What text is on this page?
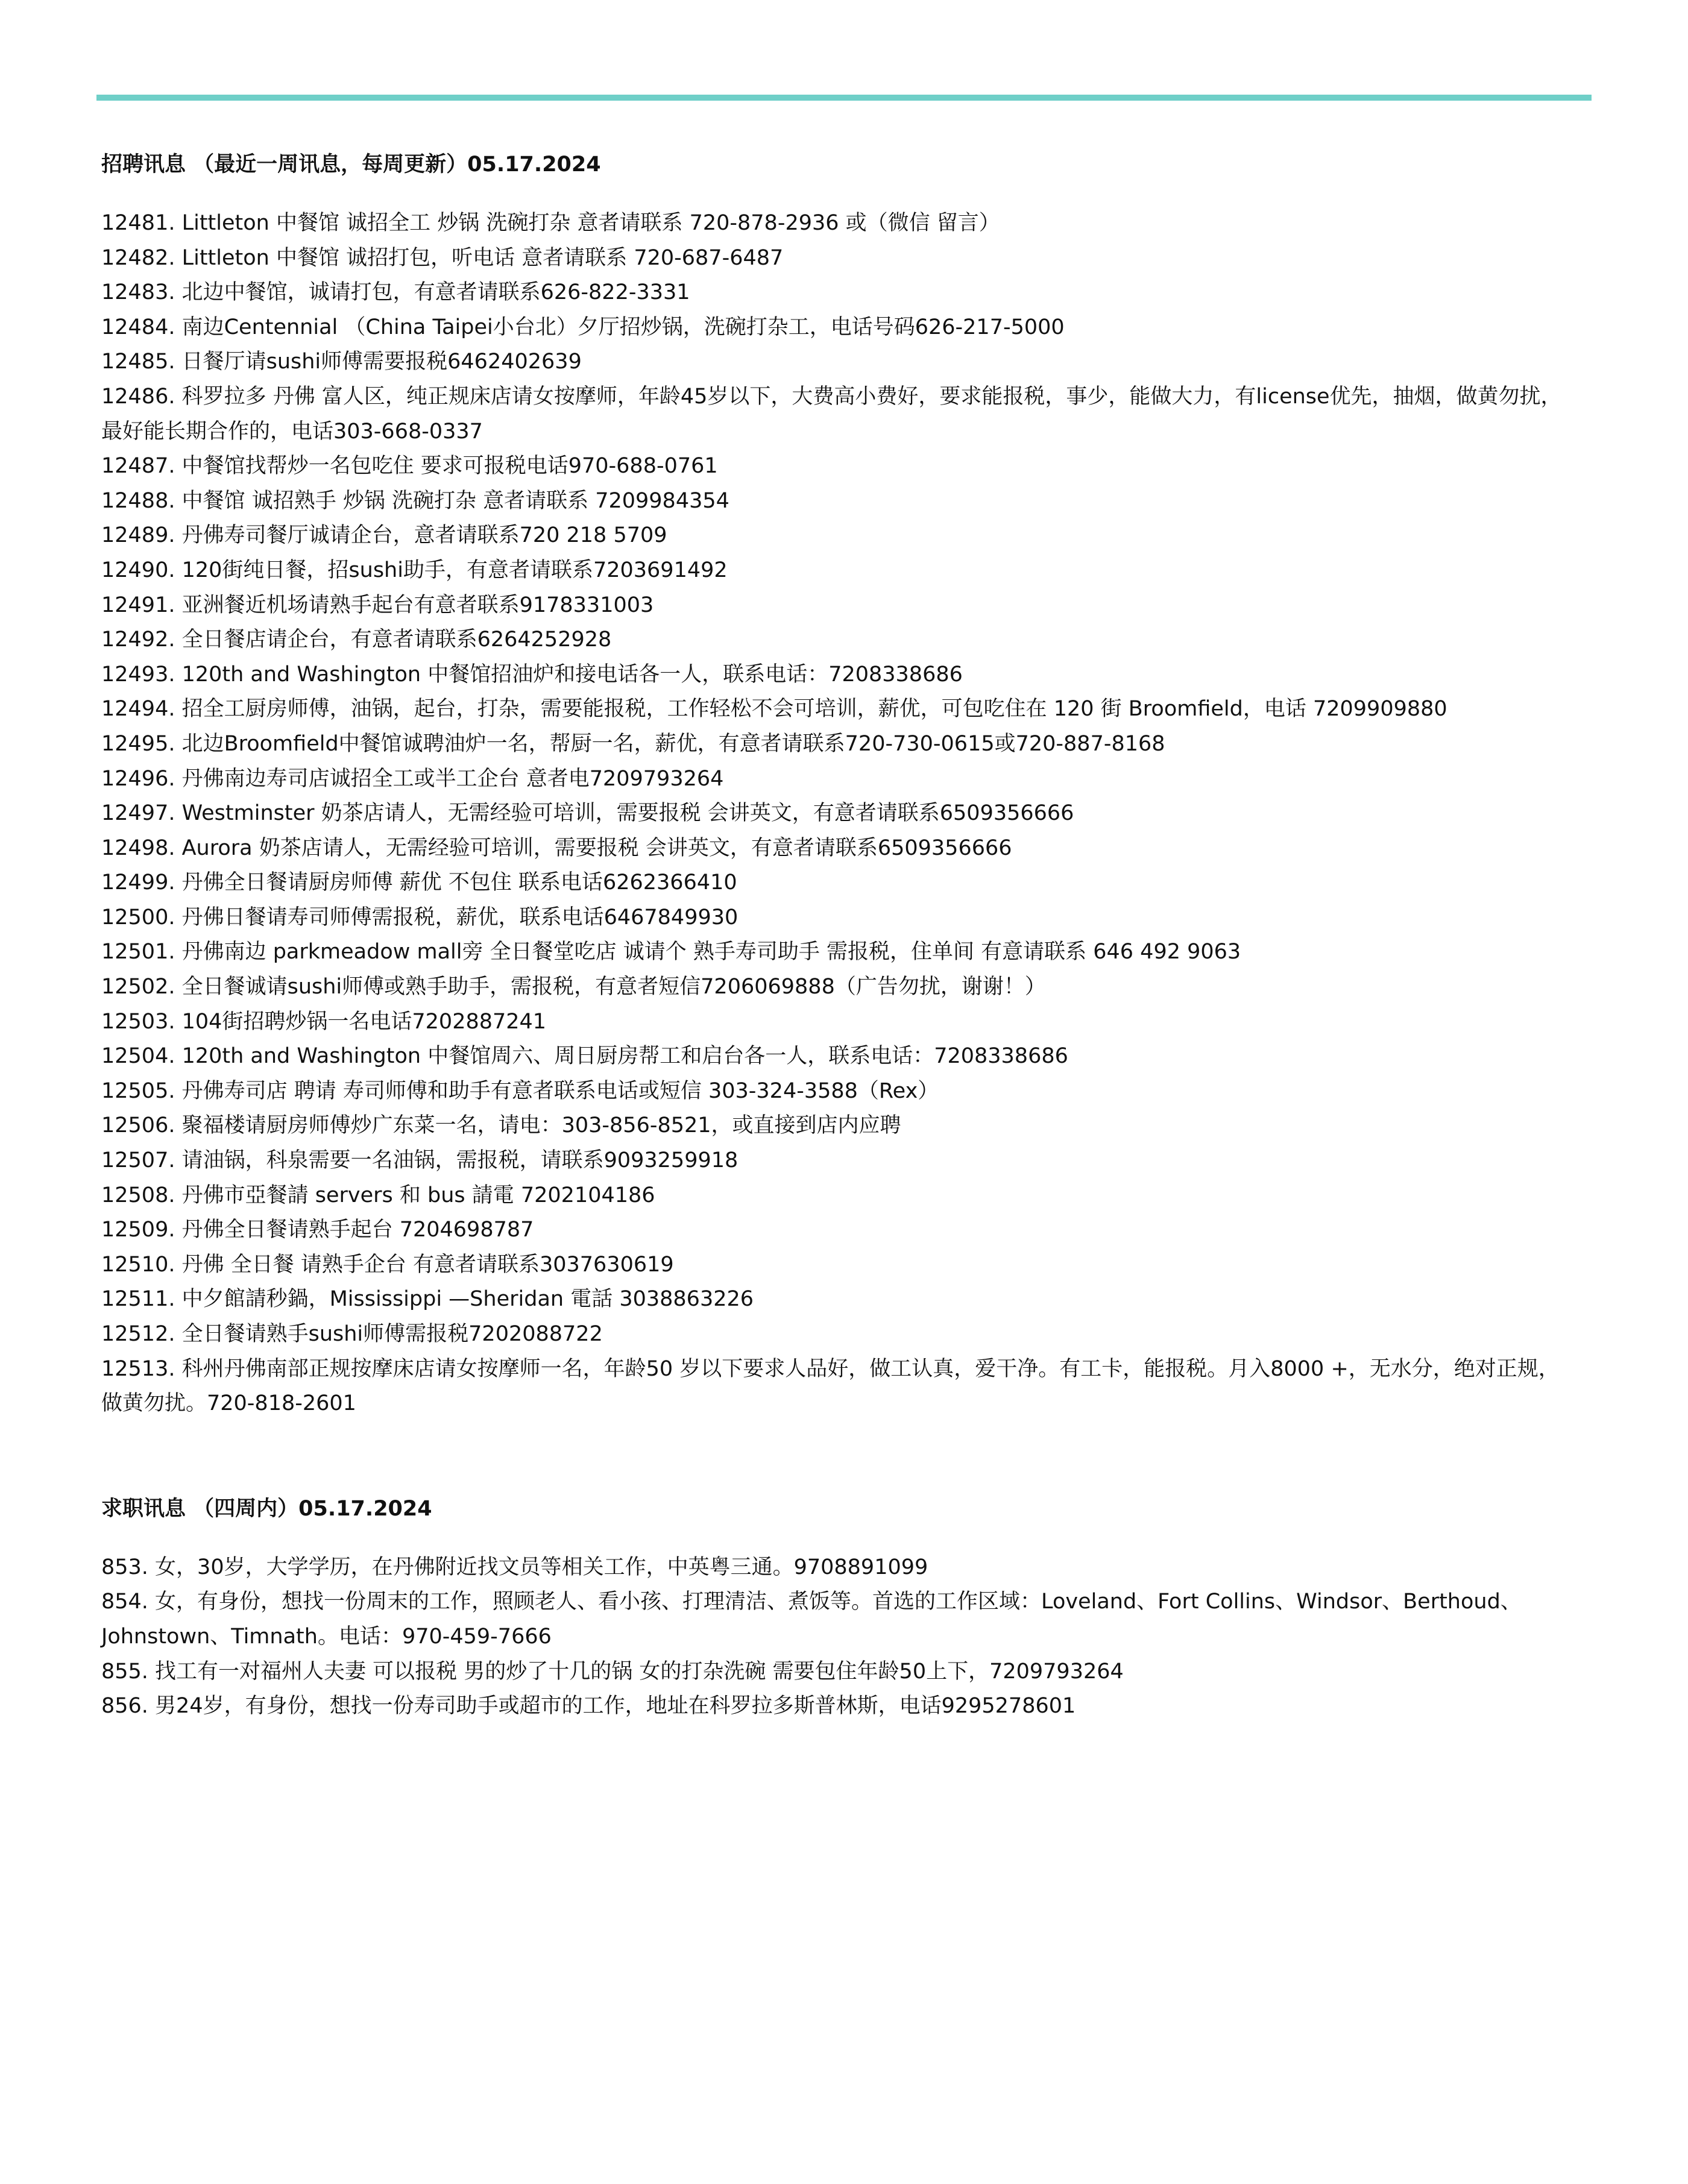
招聘讯息 （最近一周讯息，每周更新）05.17.2024
12481. Littleton 中餐馆 诚招全工 炒锅 洗碗打杂 意者请联系 720-878-2936 或（微信 留言）
12482. Littleton 中餐馆 诚招打包，听电话 意者请联系 720-687-6487
12483. 北边中餐馆，诚请打包，有意者请联系626-822-3331
12484. 南边Centennial （China Taipei小台北）夕厅招炒锅，洗碗打杂工，电话号码626-217-5000
12485. 日餐厅请sushi师傅需要报税6462402639
12486. 科罗拉多 丹佛 富人区，纯正规床店请女按摩师，年龄45岁以下，大费高小费好，要求能报税，事少，能做大力，有license优先，抽烟，做黄勿扰，最好能长期合作的，电话303-668-0337
12487. 中餐馆找帮炒一名包吃住 要求可报税电话970-688-0761
12488. 中餐馆 诚招熟手 炒锅 洗碗打杂 意者请联系 7209984354
12489. 丹佛寿司餐厅诚请企台，意者请联系720 218 5709
12490. 120街纯日餐，招sushi助手，有意者请联系7203691492
12491. 亚洲餐近机场请熟手起台有意者联系9178331003
12492. 全日餐店请企台，有意者请联系6264252928
12493. 120th and Washington 中餐馆招油炉和接电话各一人，联系电话：7208338686
12494. 招全工厨房师傅，油锅，起台，打杂，需要能报税，工作轻松不会可培训，薪优，可包吃住在 120 街 Broomfield，电话 7209909880
12495. 北边Broomfield中餐馆诚聘油炉一名，帮厨一名，薪优，有意者请联系720-730-0615或720-887-8168
12496. 丹佛南边寿司店诚招全工或半工企台 意者电7209793264
12497. Westminster 奶茶店请人，无需经验可培训，需要报税 会讲英文，有意者请联系6509356666
12498. Aurora 奶茶店请人，无需经验可培训，需要报税 会讲英文，有意者请联系6509356666
12499. 丹佛全日餐请厨房师傅 薪优 不包住 联系电话6262366410
12500. 丹佛日餐请寿司师傅需报税，薪优，联系电话6467849930
12501. 丹佛南边 parkmeadow mall旁 全日餐堂吃店 诚请个 熟手寿司助手 需报税，住单间 有意请联系 646 492 9063
12502. 全日餐诚请sushi师傅或熟手助手，需报税，有意者短信7206069888（广告勿扰，谢谢！）
12503. 104街招聘炒锅一名电话7202887241
12504. 120th and Washington 中餐馆周六、周日厨房帮工和启台各一人，联系电话：7208338686
12505. 丹佛寿司店 聘请 寿司师傅和助手有意者联系电话或短信 303-324-3588（Rex）
12506. 聚福楼请厨房师傅炒广东菜一名，请电：303-856-8521，或直接到店内应聘
12507. 请油锅，科泉需要一名油锅，需报税，请联系9093259918
12508. 丹佛市亞餐請 servers 和 bus 請電 7202104186
12509. 丹佛全日餐请熟手起台 7204698787
12510. 丹佛 全日餐 请熟手企台 有意者请联系3037630619
12511. 中夕館請秒鍋，Mississippi —Sheridan 電話 3038863226
12512. 全日餐请熟手sushi师傅需报税7202088722
12513. 科州丹佛南部正规按摩床店请女按摩师一名，年龄50 岁以下要求人品好，做工认真，爱干净。有工卡，能报税。月入8000 +，无水分，绝对正规，做黄勿扰。720-818-2601
求职讯息 （四周内）05.17.2024
853. 女，30岁，大学学历，在丹佛附近找文员等相关工作，中英粤三通。9708891099
854. 女，有身份，想找一份周末的工作，照顾老人、看小孩、打理清洁、煮饭等。首选的工作区域：Loveland、Fort Collins、Windsor、Berthoud、Johnstown、Timnath。电话：970-459-7666
855. 找工有一对福州人夫妻 可以报税 男的炒了十几的锅 女的打杂洗碗 需要包住年龄50上下，7209793264
856. 男24岁，有身份，想找一份寿司助手或超市的工作，地址在科罗拉多斯普林斯，电话9295278601
